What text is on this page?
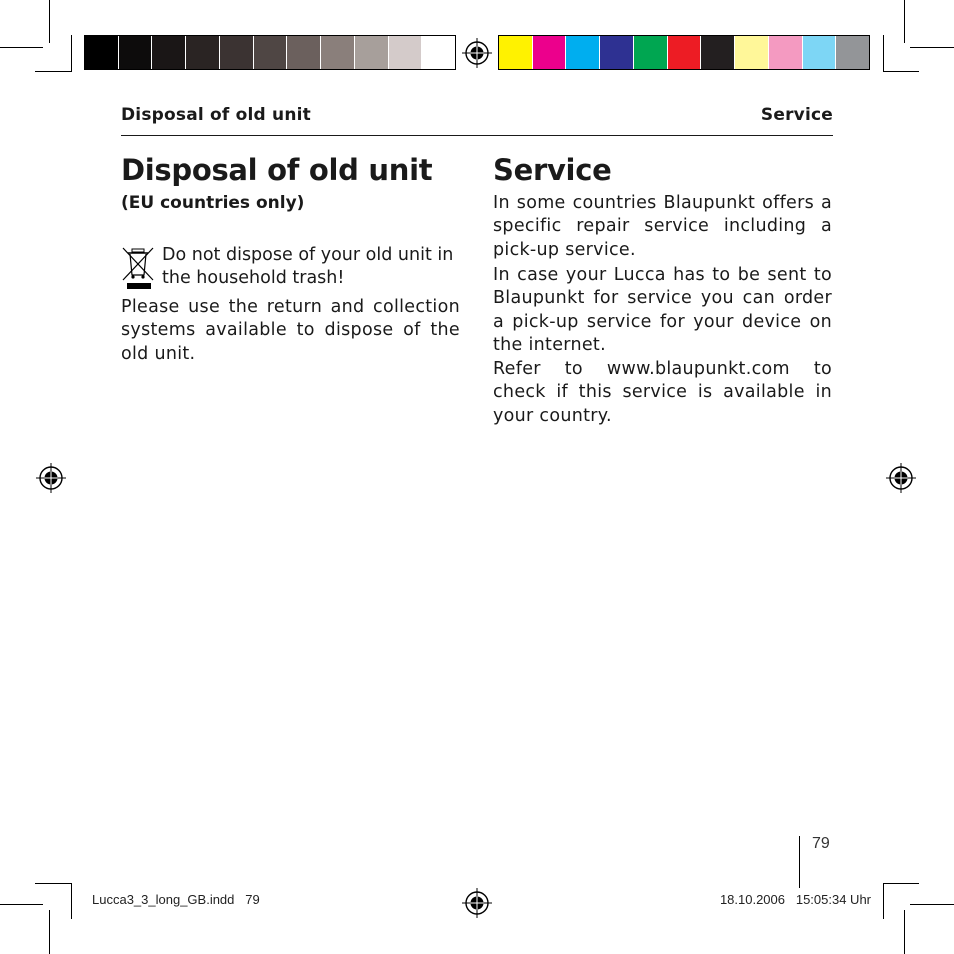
Disposal of old unit	Service
Disposal of old unit
(EU countries only)

Do not dispose of your old unit in the household trash!

Please use the return and collection systems available to dispose of the old unit.

Service

In some countries Blaupunkt offers a specific repair service including a pick-up service.

In case your Lucca has to be sent to Blaupunkt for service you can order a pick-up service for your device on the internet.

Refer to www.blaupunkt.com to check if this service is available in your country.

79
Lucca3_3_long_GB.indd   79	18.10.2006   15:05:34 Uhr
